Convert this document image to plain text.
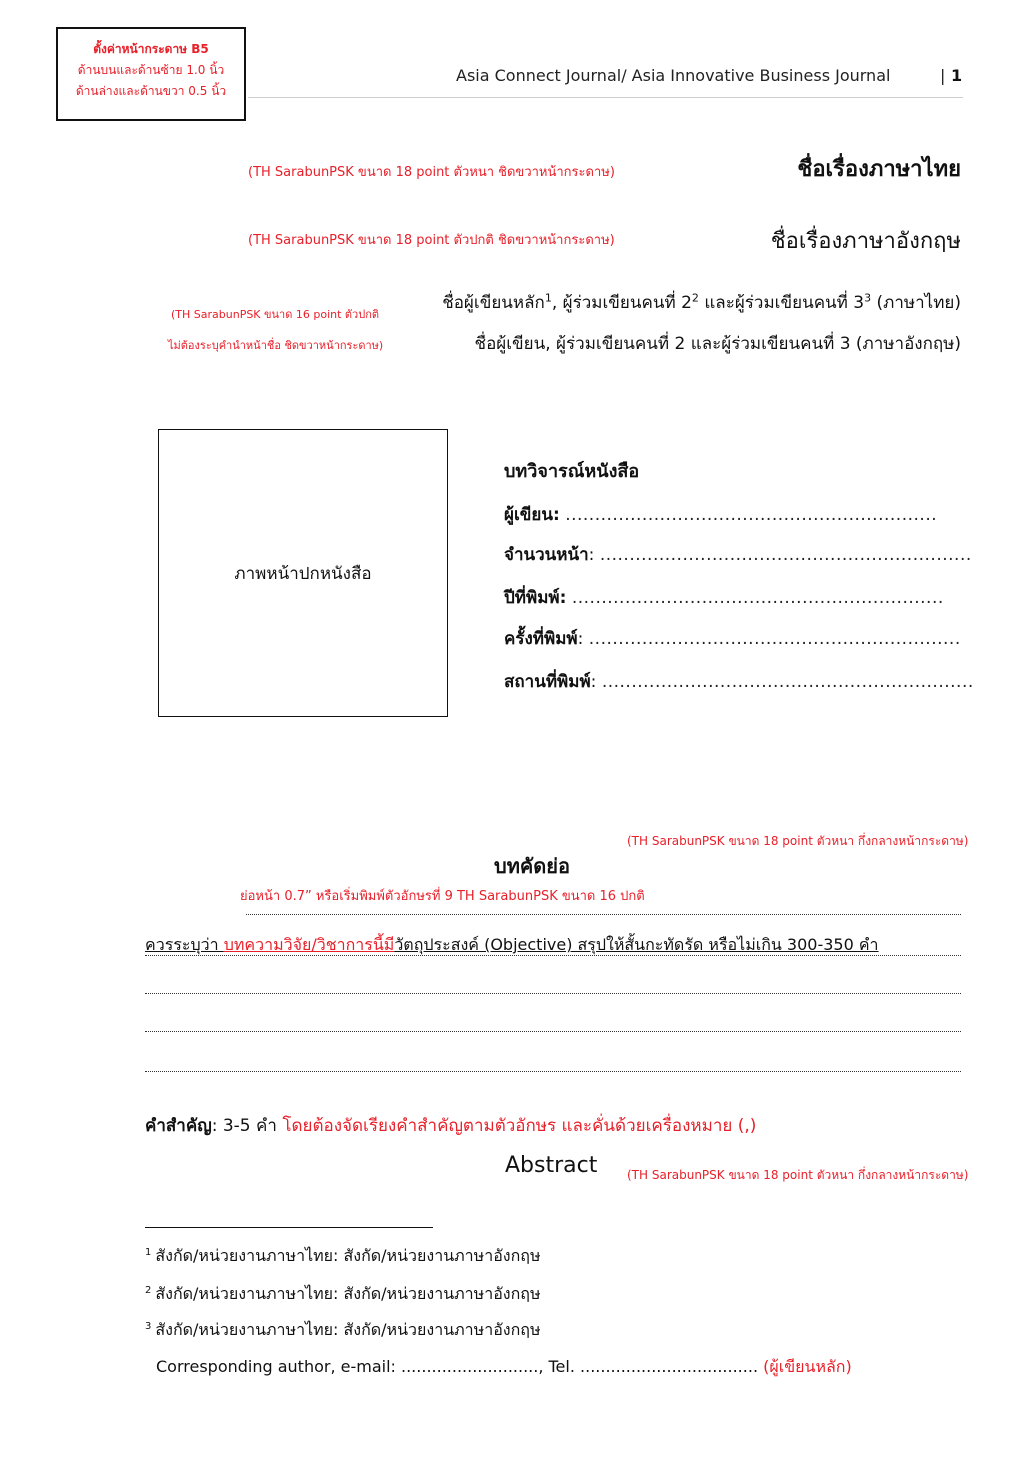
ตั้งค่าหน้ากระดาษ B5
ด้านบนและด้านซ้าย 1.0 นิ้ว
ด้านล่างและด้านขวา 0.5 นิ้ว
Asia Connect Journal/ Asia Innovative Business Journal	| 1
(TH SarabunPSK ขนาด 18 point ตัวหนา ชิดขวาหน้ากระดาษ)	ชื่อเรื่องภาษาไทย
(TH SarabunPSK ขนาด 18 point ตัวปกติ ชิดขวาหน้ากระดาษ)	ชื่อเรื่องภาษาอังกฤษ
(TH SarabunPSK ขนาด 16 point ตัวปกติ
ไม่ต้องระบุคำนำหน้าชื่อ ชิดขวาหน้ากระดาษ)
ชื่อผู้เขียนหลัก$^1$, ผู้ร่วมเขียนคนที่ $2^2$ และผู้ร่วมเขียนคนที่ $3^3$ (ภาษาไทย)
ชื่อผู้เขียน, ผู้ร่วมเขียนคนที่ 2 และผู้ร่วมเขียนคนที่ 3 (ภาษาอังกฤษ)
ภาพหน้าปกหนังสือ
บทวิจารณ์หนังสือ
ผู้เขียน: ...............................................................
จำนวนหน้า: ...............................................................
ปีที่พิมพ์: ...............................................................
ครั้งที่พิมพ์: ...............................................................
สถานที่พิมพ์: ...............................................................
(TH SarabunPSK ขนาด 18 point ตัวหนา กึ่งกลางหน้ากระดาษ)
บทคัดย่อ
ย่อหน้า 0.7” หรือเริ่มพิมพ์ตัวอักษรที่ 9 TH SarabunPSK ขนาด 16 ปกติ
ควรระบุว่า บทความวิจัย/วิชาการนี้มีวัตถุประสงค์ (Objective) สรุปให้สั้นกะทัดรัด หรือไม่เกิน 300-350 คำ
คำสำคัญ: 3-5 คำ โดยต้องจัดเรียงคำสำคัญตามตัวอักษร และคั่นด้วยเครื่องหมาย (,)
Abstract (TH SarabunPSK ขนาด 18 point ตัวหนา กึ่งกลางหน้ากระดาษ)
$^1$ สังกัด/หน่วยงานภาษาไทย: สังกัด/หน่วยงานภาษาอังกฤษ
$^2$ สังกัด/หน่วยงานภาษาไทย: สังกัด/หน่วยงานภาษาอังกฤษ
$^3$ สังกัด/หน่วยงานภาษาไทย: สังกัด/หน่วยงานภาษาอังกฤษ
Corresponding author, e-mail: ..........................., Tel. ................................... (ผู้เขียนหลัก)
